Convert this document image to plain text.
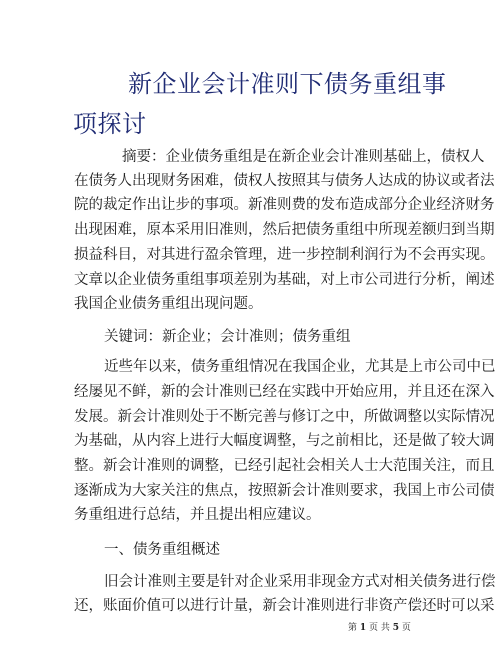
新企业会计准则下债务重组事
项探讨
摘要：企业债务重组是在新企业会计准则基础上，债权人
在债务人出现财务困难，债权人按照其与债务人达成的协议或者法
院的裁定作出让步的事项。新准则费的发布造成部分企业经济财务
出现困难，原本采用旧准则，然后把债务重组中所现差额归到当期
损益科目，对其进行盈余管理，进一步控制利润行为不会再实现。
文章以企业债务重组事项差别为基础，对上市公司进行分析，阐述
我国企业债务重组出现问题。
关键词：新企业；会计准则；债务重组
近些年以来，债务重组情况在我国企业，尤其是上市公司中已
经屡见不鲜，新的会计准则已经在实践中开始应用，并且还在深入
发展。新会计准则处于不断完善与修订之中，所做调整以实际情况
为基础，从内容上进行大幅度调整，与之前相比，还是做了较大调
整。新会计准则的调整，已经引起社会相关人士大范围关注，而且
逐渐成为大家关注的焦点，按照新会计准则要求，我国上市公司债
务重组进行总结，并且提出相应建议。
一、债务重组概述
旧会计准则主要是针对企业采用非现金方式对相关债务进行偿
还，账面价值可以进行计量，新会计准则进行非资产偿还时可以采
第 1 页 共 5 页
